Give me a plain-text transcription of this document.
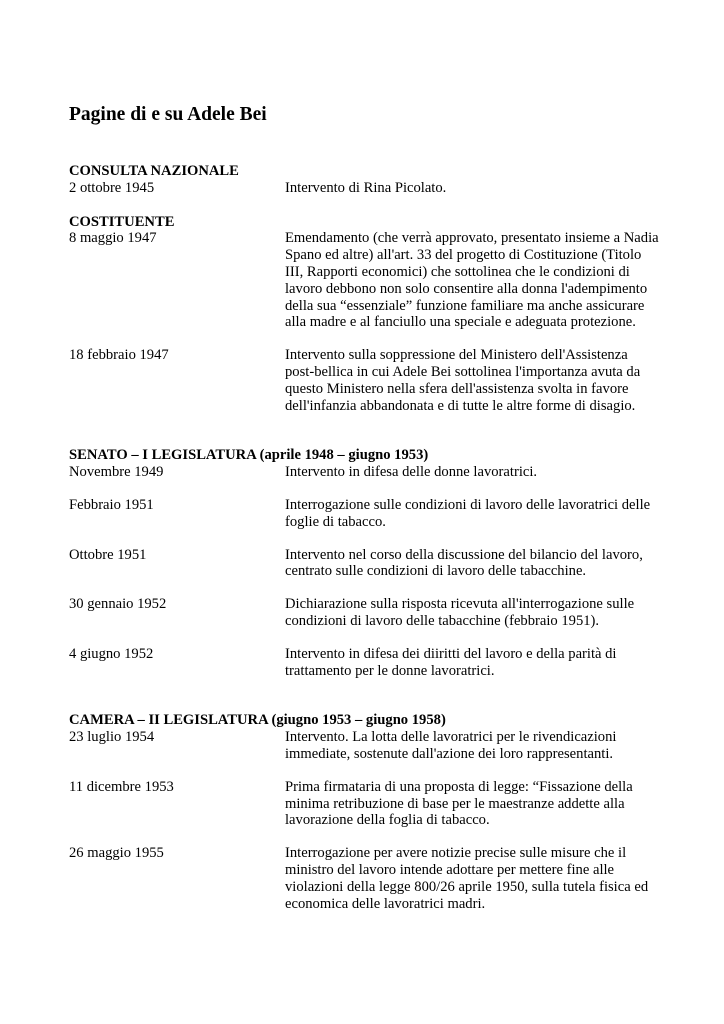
Pagine di e su Adele Bei
CONSULTA NAZIONALE
2 ottobre 1945	Intervento di Rina Picolato.
COSTITUENTE
8 maggio 1947	Emendamento (che verrà approvato, presentato insieme a Nadia Spano ed altre) all'art. 33 del progetto di Costituzione (Titolo III, Rapporti economici) che sottolinea che le condizioni di lavoro debbono non solo consentire alla donna l'adempimento della sua “essenziale” funzione familiare ma anche assicurare alla madre e al fanciullo una speciale e adeguata protezione.
18 febbraio 1947	Intervento sulla soppressione del Ministero dell'Assistenza post-bellica in cui Adele Bei sottolinea l'importanza avuta da questo Ministero nella sfera dell'assistenza svolta in favore dell'infanzia abbandonata e di tutte le altre forme di disagio.
SENATO – I LEGISLATURA (aprile 1948 – giugno 1953)
Novembre 1949	Intervento in difesa delle donne lavoratrici.
Febbraio 1951	Interrogazione sulle condizioni di lavoro delle lavoratrici delle foglie di tabacco.
Ottobre 1951	Intervento nel corso della discussione del bilancio del lavoro, centrato sulle condizioni di lavoro delle tabacchine.
30 gennaio 1952	Dichiarazione sulla risposta ricevuta all'interrogazione sulle condizioni di lavoro delle tabacchine (febbraio 1951).
4 giugno 1952	Intervento in difesa dei diiritti del lavoro e della parità di trattamento per le donne lavoratrici.
CAMERA – II LEGISLATURA (giugno 1953 – giugno 1958)
23 luglio 1954	Intervento. La lotta delle lavoratrici per le rivendicazioni immediate, sostenute dall'azione dei loro rappresentanti.
11 dicembre 1953	Prima firmataria di una proposta di legge: “Fissazione della minima retribuzione di base per le maestranze addette alla lavorazione della foglia di tabacco.
26 maggio 1955	Interrogazione per avere notizie precise sulle misure che il ministro del lavoro intende adottare per mettere fine alle violazioni della legge 800/26 aprile 1950, sulla tutela fisica ed economica delle lavoratrici madri.
